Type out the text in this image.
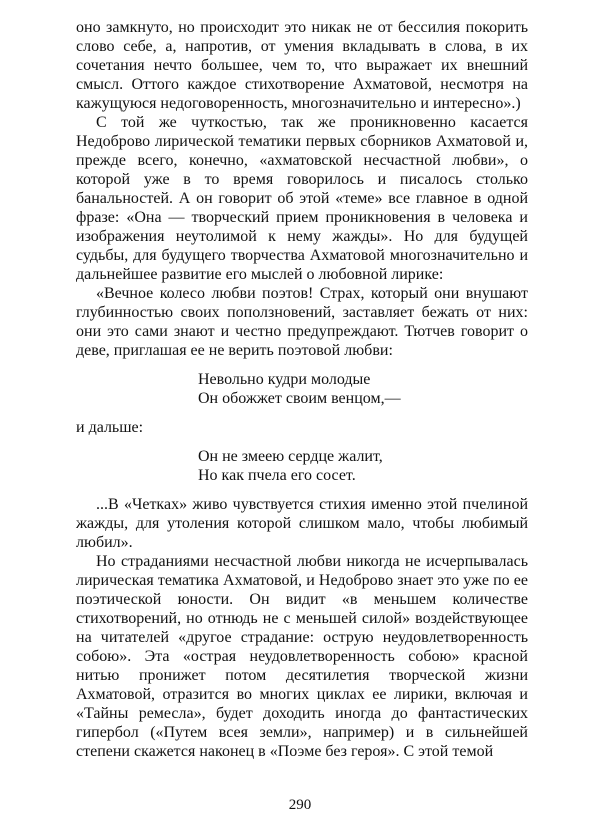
оно замкнуто, но происходит это никак не от бессилия покорить слово себе, а, напротив, от умения вкладывать в слова, в их сочетания нечто большее, чем то, что выражает их внешний смысл. Оттого каждое стихотворение Ахматовой, несмотря на кажущуюся недоговоренность, многозначительно и интересно».)

С той же чуткостью, так же проникновенно касается Недоброво лирической тематики первых сборников Ахматовой и, прежде всего, конечно, «ахматовской несчастной любви», о которой уже в то время говорилось и писалось столько банальностей. А он говорит об этой «теме» все главное в одной фразе: «Она — творческий прием проникновения в человека и изображения неутолимой к нему жажды». Но для будущей судьбы, для будущего творчества Ахматовой многозначительно и дальнейшее развитие его мыслей о любовной лирике:

«Вечное колесо любви поэтов! Страх, который они внушают глубинностью своих поползновений, заставляет бежать от них: они это сами знают и честно предупреждают. Тютчев говорит о деве, приглашая ее не верить поэтовой любви:

Невольно кудри молодые
Он обожжет своим венцом,—

и дальше:

Он не змеею сердце жалит,
Но как пчела его сосет.

...В «Четках» живо чувствуется стихия именно этой пчелиной жажды, для утоления которой слишком мало, чтобы любимый любил».

Но страданиями несчастной любви никогда не исчерпывалась лирическая тематика Ахматовой, и Недоброво знает это уже по ее поэтической юности. Он видит «в меньшем количестве стихотворений, но отнюдь не с меньшей силой» воздействующее на читателей «другое страдание: острую неудовлетворенность собою». Эта «острая неудовлетворенность собою» красной нитью пронижет потом десятилетия творческой жизни Ахматовой, отразится во многих циклах ее лирики, включая и «Тайны ремесла», будет доходить иногда до фантастических гипербол («Путем всея земли», например) и в сильнейшей степени скажется наконец в «Поэме без героя». С этой темой

290
